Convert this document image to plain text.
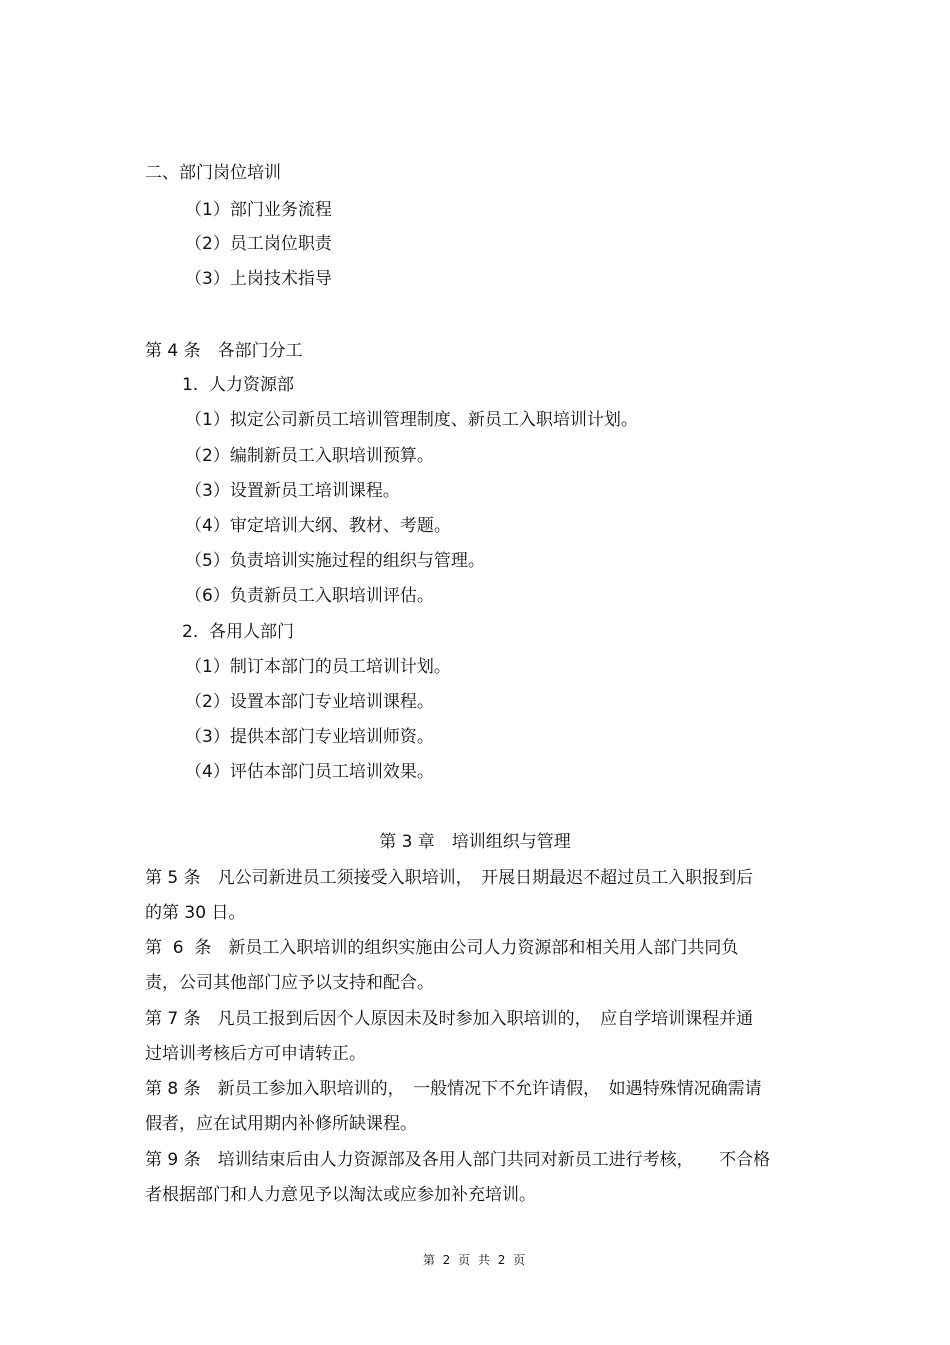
二、部门岗位培训
（1）部门业务流程
（2）员工岗位职责
（3）上岗技术指导
第 4 条　各部门分工
1.  人力资源部
（1）拟定公司新员工培训管理制度、新员工入职培训计划。
（2）编制新员工入职培训预算。
（3）设置新员工培训课程。
（4）审定培训大纲、教材、考题。
（5）负责培训实施过程的组织与管理。
（6）负责新员工入职培训评估。
2.  各用人部门
（1）制订本部门的员工培训计划。
（2）设置本部门专业培训课程。
（3）提供本部门专业培训师资。
（4）评估本部门员工培训效果。
第 3 章　培训组织与管理
第 5 条　凡公司新进员工须接受入职培训，　开展日期最迟不超过员工入职报到后
的第 30 日。
第  6  条　新员工入职培训的组织实施由公司人力资源部和相关用人部门共同负
责，公司其他部门应予以支持和配合。
第 7 条　凡员工报到后因个人原因未及时参加入职培训的，　应自学培训课程并通
过培训考核后方可申请转正。
第 8 条　新员工参加入职培训的，　一般情况下不允许请假，　如遇特殊情况确需请
假者，应在试用期内补修所缺课程。
第 9 条　培训结束后由人力资源部及各用人部门共同对新员工进行考核，　　不合格
者根据部门和人力意见予以淘汰或应参加补充培训。
第 2 页 共 2 页
